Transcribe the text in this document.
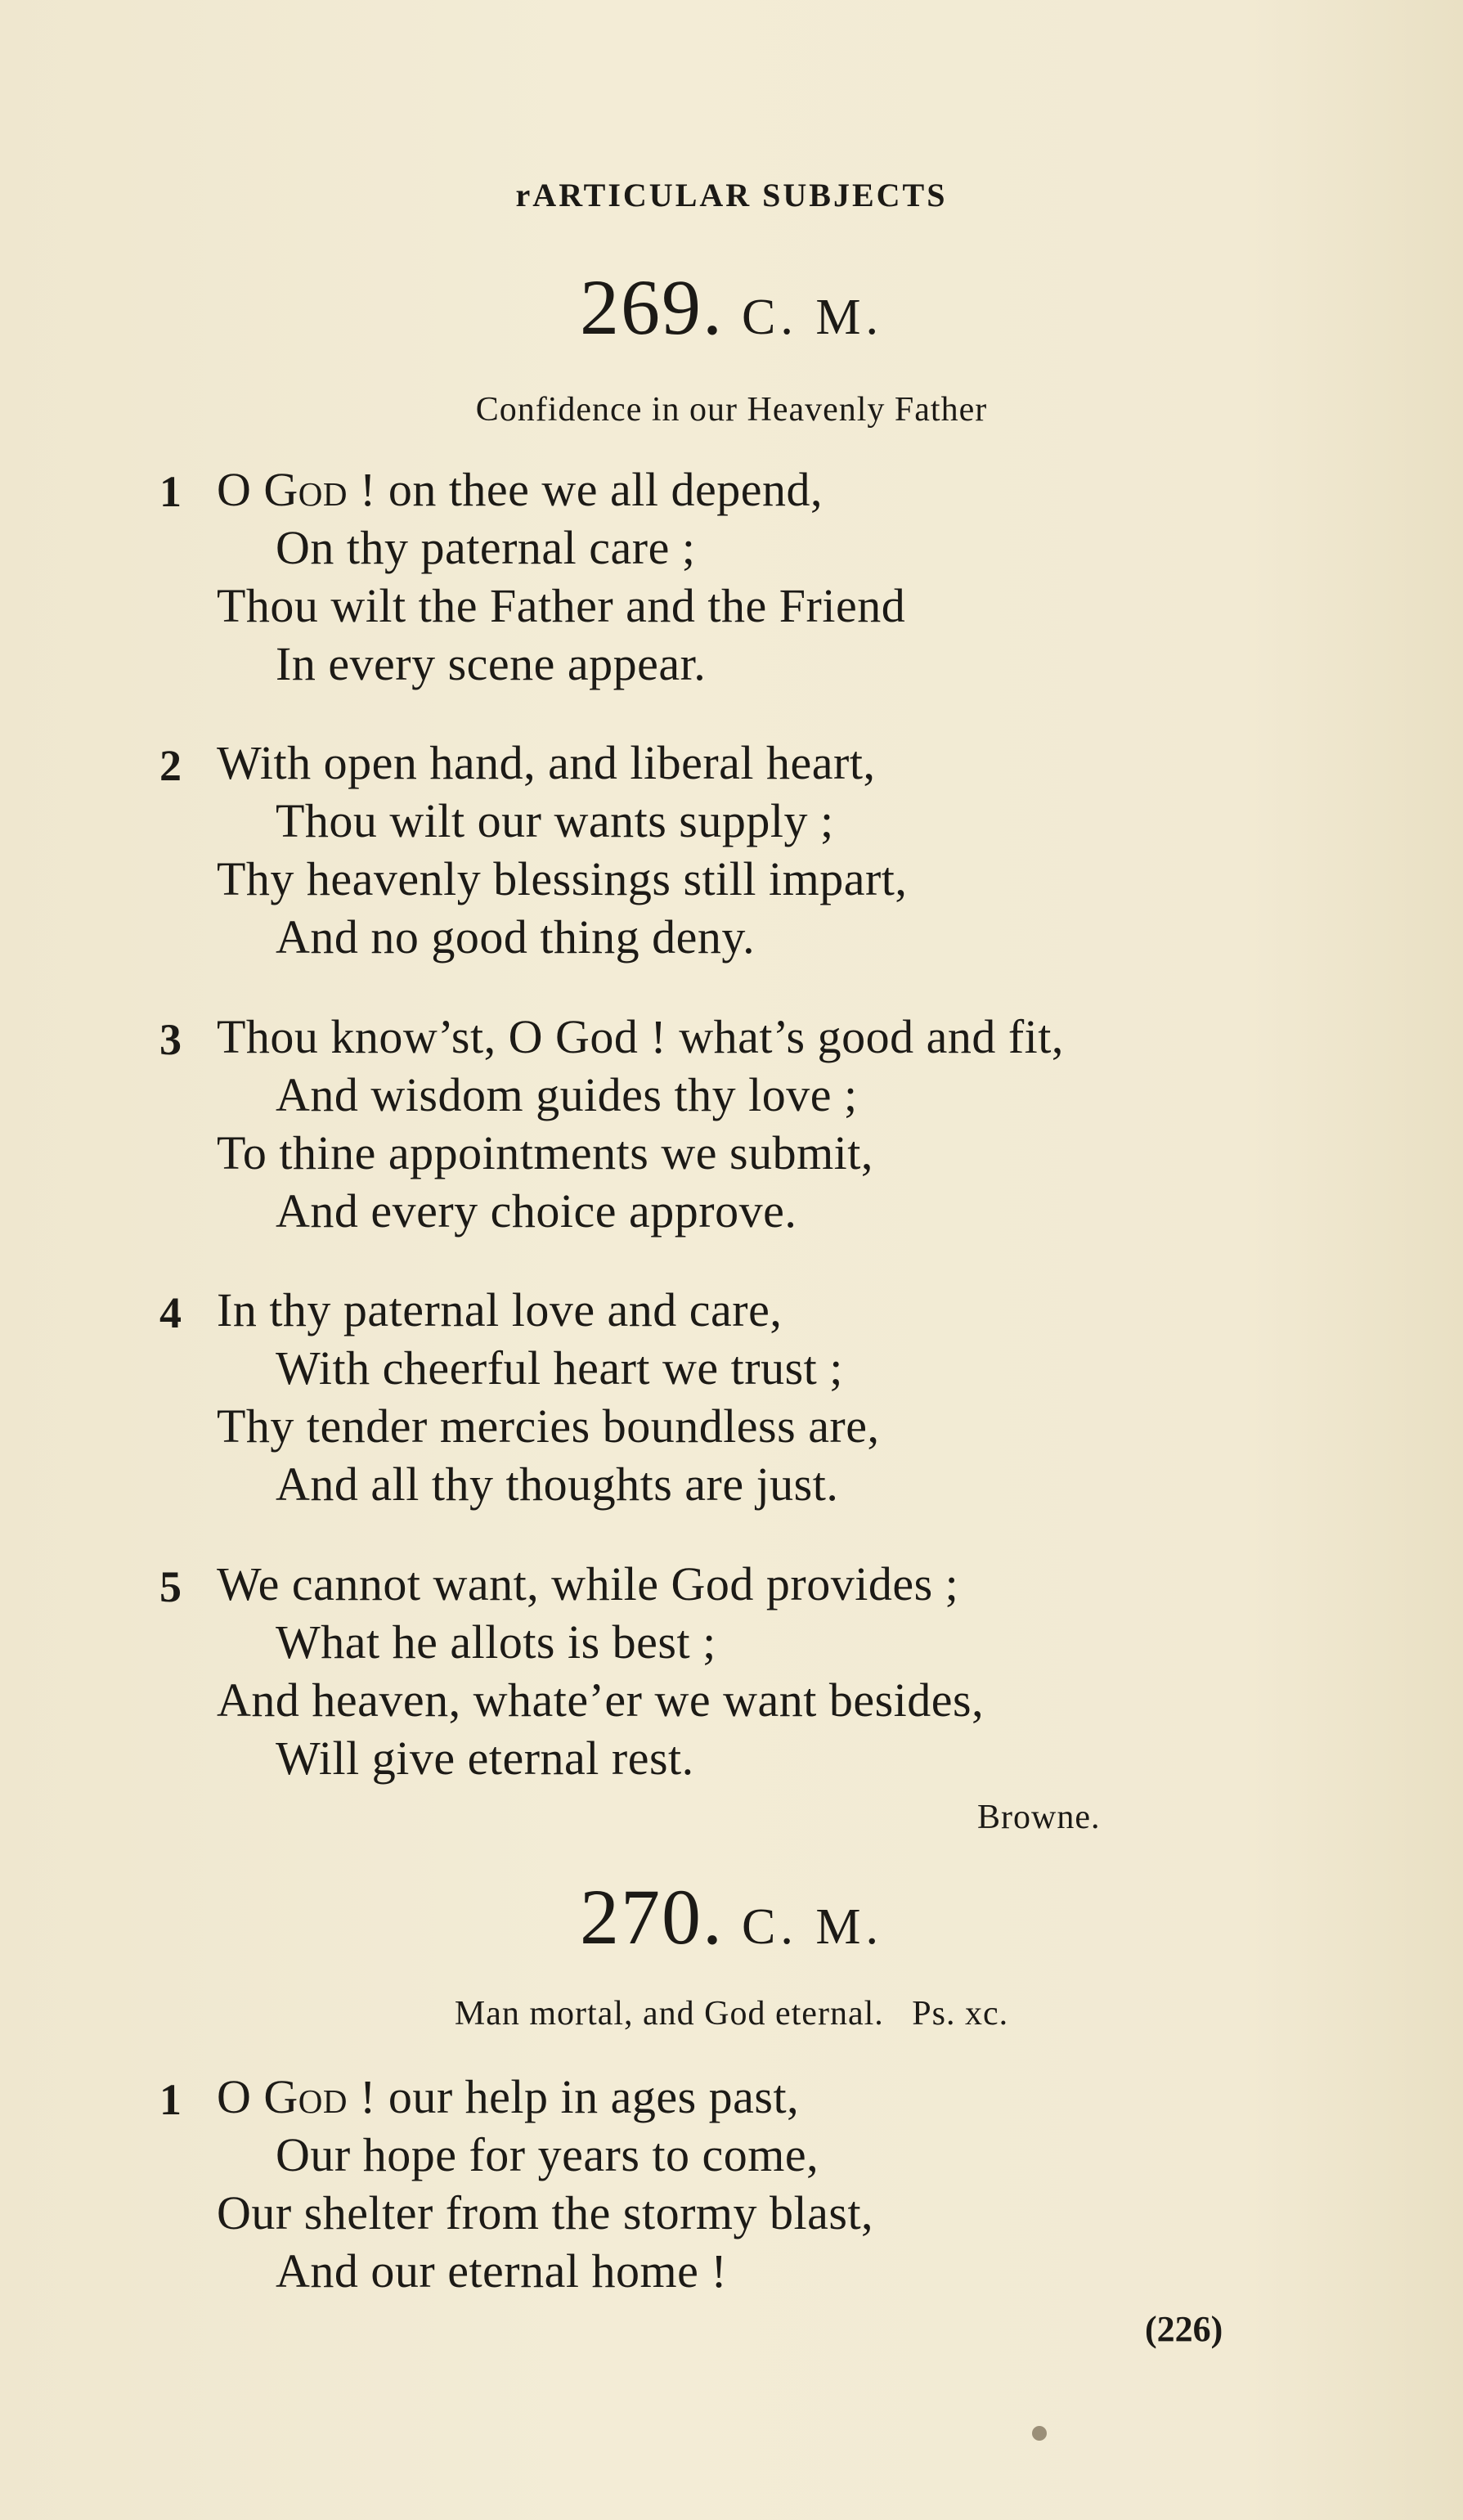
rARTICULAR SUBJECTS
269. C. M.
Confidence in our Heavenly Father
1 O God ! on thee we all depend,
On thy paternal care ;
Thou wilt the Father and the Friend
In every scene appear.
2 With open hand, and liberal heart,
Thou wilt our wants supply ;
Thy heavenly blessings still impart,
And no good thing deny.
3 Thou know’st, O God ! what’s good and fit,
And wisdom guides thy love ;
To thine appointments we submit,
And every choice approve.
4 In thy paternal love and care,
With cheerful heart we trust ;
Thy tender mercies boundless are,
And all thy thoughts are just.
5 We cannot want, while God provides ;
What he allots is best ;
And heaven, whate’er we want besides,
Will give eternal rest.
Browne.
270. C. M.
Man mortal, and God eternal.   Ps. xc.
1 O God ! our help in ages past,
Our hope for years to come,
Our shelter from the stormy blast,
And our eternal home !
(226)
